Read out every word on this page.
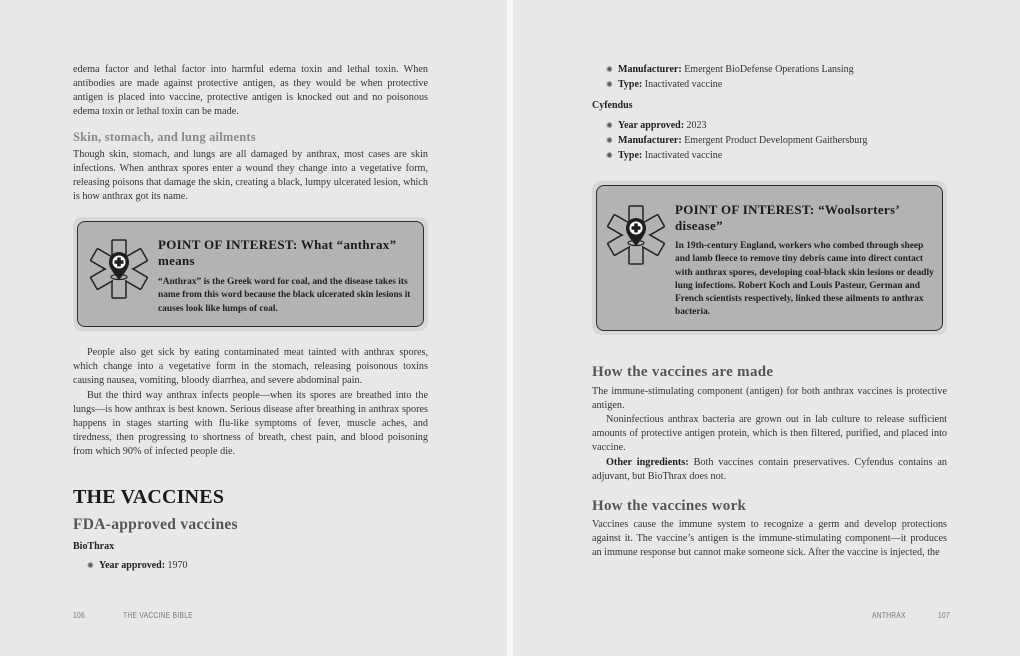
edema factor and lethal factor into harmful edema toxin and lethal toxin. When antibodies are made against protective antigen, as they would be when protective antigen is placed into vaccine, protective antigen is knocked out and no poisonous edema toxin or lethal toxin can be made.

Skin, stomach, and lung ailments

Though skin, stomach, and lungs are all damaged by anthrax, most cases are skin infections. When anthrax spores enter a wound they change into a vegetative form, releasing poisons that damage the skin, creating a black, lumpy ulcerated lesion, which is how anthrax got its name.

POINT OF INTEREST: What “anthrax” means
“Anthrax” is the Greek word for coal, and the disease takes its name from this word because the black ulcerated skin lesions it causes look like lumps of coal.

People also get sick by eating contaminated meat tainted with anthrax spores, which change into a vegetative form in the stomach, releasing poisonous toxins causing nausea, vomiting, bloody diarrhea, and severe abdominal pain.

But the third way anthrax infects people—when its spores are breathed into the lungs—is how anthrax is best known. Serious disease after breathing in anthrax spores happens in stages starting with flu-like symptoms of fever, muscle aches, and tiredness, then progressing to shortness of breath, chest pain, and blood poisoning from which 90% of infected people die.

THE VACCINES
FDA-approved vaccines
BioThrax
✺ Year approved: 1970
106	THE VACCINE BIBLE
✺ Manufacturer: Emergent BioDefense Operations Lansing
✺ Type: Inactivated vaccine
Cyfendus
✺ Year approved: 2023
✺ Manufacturer: Emergent Product Development Gaithersburg
✺ Type: Inactivated vaccine
POINT OF INTEREST: “Woolsorters’ disease”
In 19th-century England, workers who combed through sheep and lamb fleece to remove tiny debris came into direct contact with anthrax spores, developing coal-black skin lesions or deadly lung infections. Robert Koch and Louis Pasteur, German and French scientists respectively, linked these ailments to anthrax bacteria.
How the vaccines are made

The immune-stimulating component (antigen) for both anthrax vaccines is protective antigen.

Noninfectious anthrax bacteria are grown out in lab culture to release sufficient amounts of protective antigen protein, which is then filtered, purified, and placed into vaccine.

Other ingredients: Both vaccines contain preservatives. Cyfendus contains an adjuvant, but BioThrax does not.

How the vaccines work

Vaccines cause the immune system to recognize a germ and develop protections against it. The vaccine’s antigen is the immune-stimulating component—it produces an immune response but cannot make someone sick. After the vaccine is injected, the

ANTHRAX	107
